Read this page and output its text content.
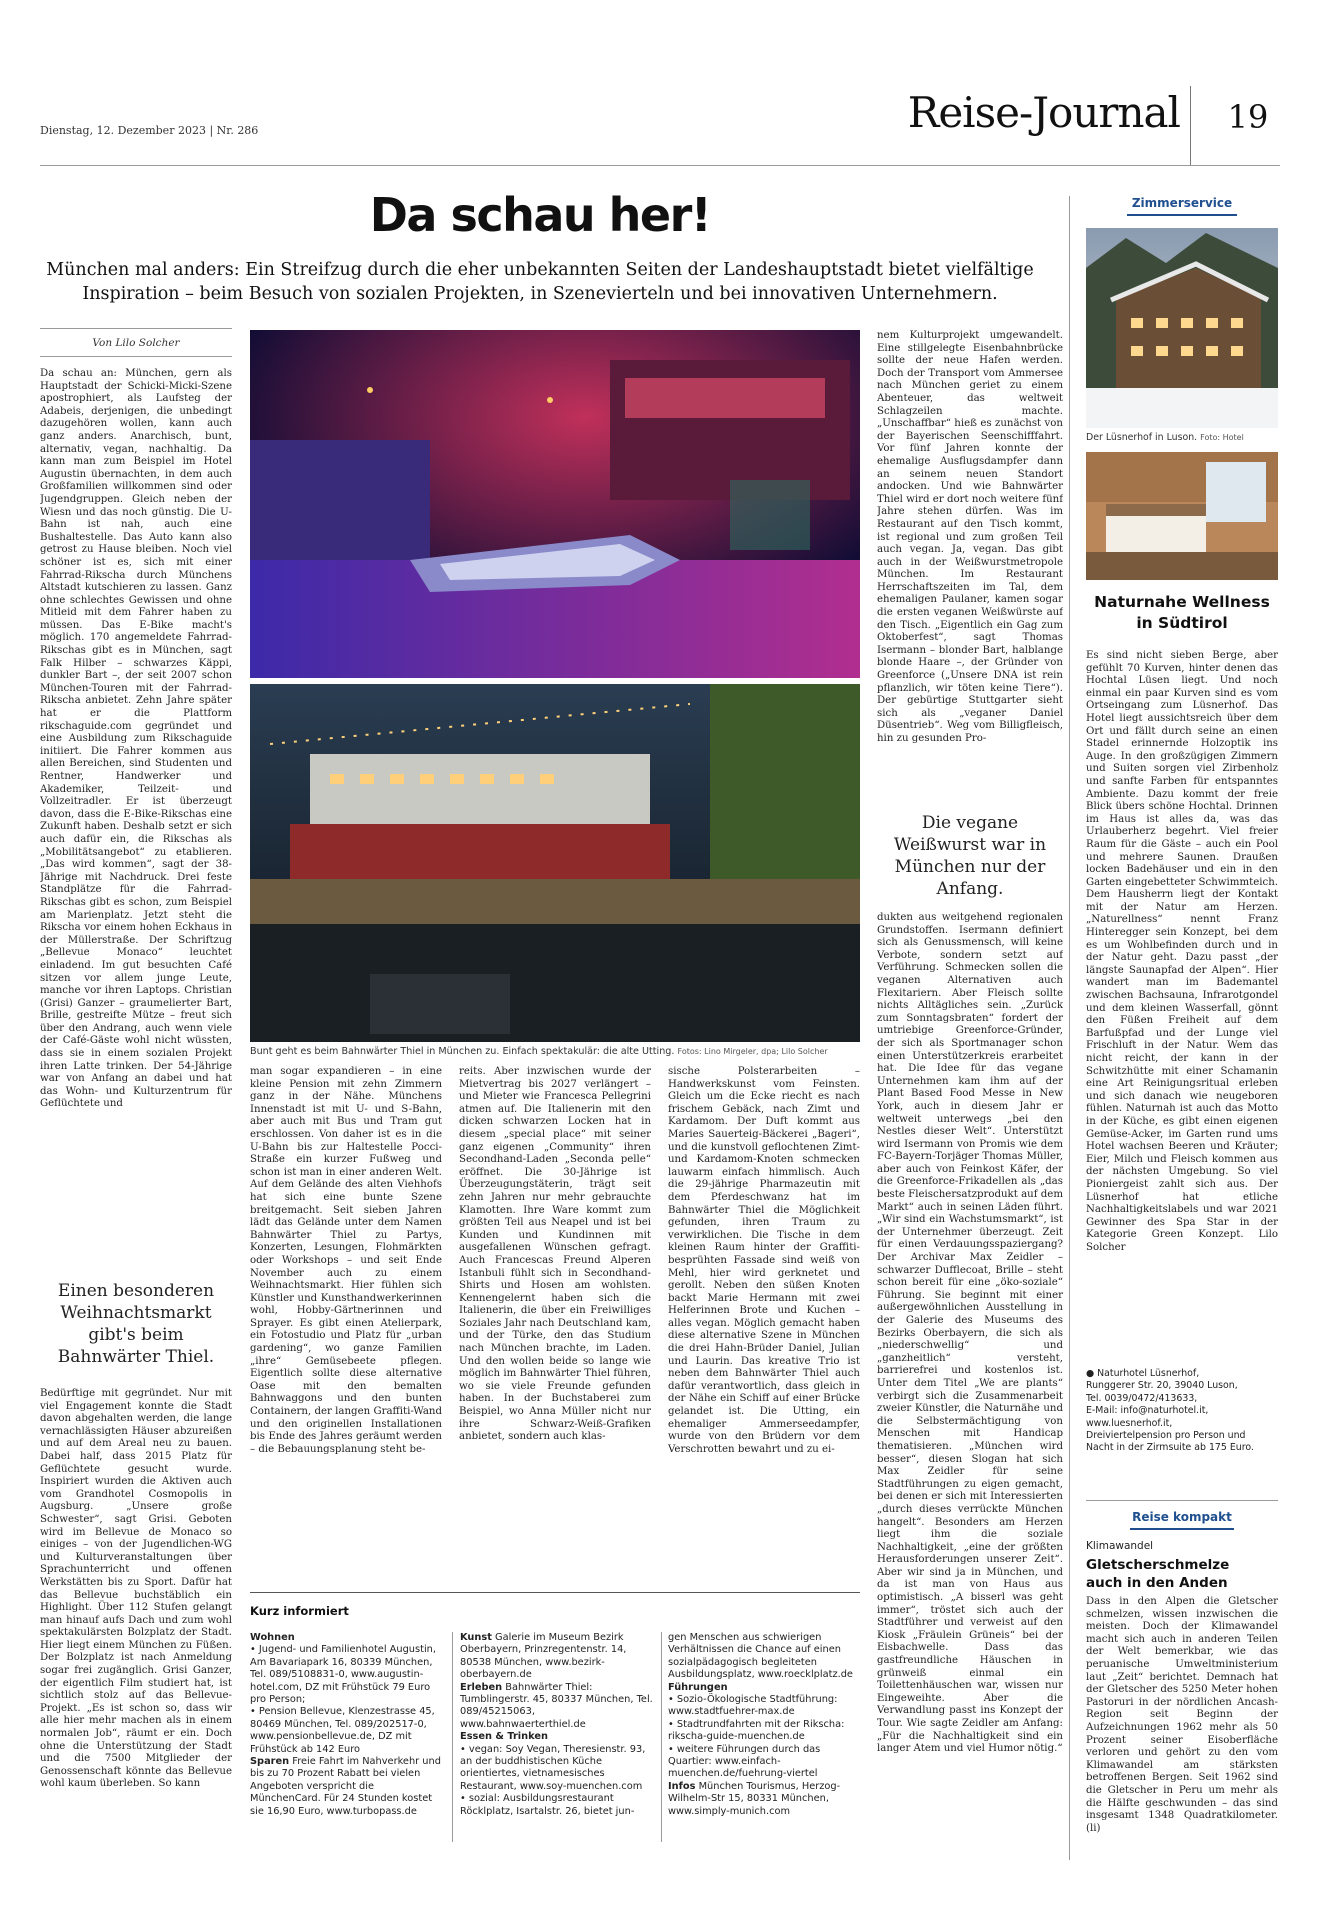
Dienstag, 12. Dezember 2023 | Nr. 286	Reise-Journal	19
Da schau her!
München mal anders: Ein Streifzug durch die eher unbekannten Seiten der Landeshauptstadt bietet vielfältige
Inspiration – beim Besuch von sozialen Projekten, in Szenevierteln und bei innovativen Unternehmern.
Von Lilo Solcher
Da schau an: München, gern als Hauptstadt der Schicki-Micki-Szene apostrophiert, als Laufsteg der Adabeis, derjenigen, die unbedingt dazugehören wollen, kann auch ganz anders. Anarchisch, bunt, alternativ, vegan, nachhaltig. Da kann man zum Beispiel im Hotel Augustin übernachten, in dem auch Großfamilien willkommen sind oder Jugendgruppen. Gleich neben der Wiesn und das noch günstig. Die U-Bahn ist nah, auch eine Bushaltestelle. Das Auto kann also getrost zu Hause bleiben. Noch viel schöner ist es, sich mit einer Fahrrad-Rikscha durch Münchens Altstadt kutschieren zu lassen. Ganz ohne schlechtes Gewissen und ohne Mitleid mit dem Fahrer haben zu müssen. Das E-Bike macht's möglich. 170 angemeldete Fahrrad-Rikschas gibt es in München, sagt Falk Hilber – schwarzes Käppi, dunkler Bart –, der seit 2007 schon München-Touren mit der Fahrrad-Rikscha anbietet. Zehn Jahre später hat er die Plattform rikschaguide.com gegründet und eine Ausbildung zum Rikschaguide initiiert. Die Fahrer kommen aus allen Bereichen, sind Studenten und Rentner, Handwerker und Akademiker, Teilzeit- und Vollzeitradler. Er ist überzeugt davon, dass die E-Bike-Rikschas eine Zukunft haben. Deshalb setzt er sich auch dafür ein, die Rikschas als „Mobilitätsangebot“ zu etablieren. „Das wird kommen“, sagt der 38-Jährige mit Nachdruck. Drei feste Standplätze für die Fahrrad-Rikschas gibt es schon, zum Beispiel am Marienplatz. Jetzt steht die Rikscha vor einem hohen Eckhaus in der Müllerstraße. Der Schriftzug „Bellevue Monaco“ leuchtet einladend. Im gut besuchten Café sitzen vor allem junge Leute, manche vor ihren Laptops. Christian (Grisi) Ganzer – graumelierter Bart, Brille, gestreifte Mütze – freut sich über den Andrang, auch wenn viele der Café-Gäste wohl nicht wüssten, dass sie in einem sozialen Projekt ihren Latte trinken. Der 54-Jährige war von Anfang an dabei und hat das Wohn- und Kulturzentrum für Geflüchtete und
Einen besonderen Weihnachtsmarkt gibt's beim Bahnwärter Thiel.
Bedürftige mit gegründet. Nur mit viel Engagement konnte die Stadt davon abgehalten werden, die lange vernachlässigten Häuser abzureißen und auf dem Areal neu zu bauen. Dabei half, dass 2015 Platz für Geflüchtete gesucht wurde. Inspiriert wurden die Aktiven auch vom Grandhotel Cosmopolis in Augsburg. „Unsere große Schwester“, sagt Grisi. Geboten wird im Bellevue de Monaco so einiges – von der Jugendlichen-WG und Kulturveranstaltungen über Sprachunterricht und offenen Werkstätten bis zu Sport. Dafür hat das Bellevue buchstäblich ein Highlight. Über 112 Stufen gelangt man hinauf aufs Dach und zum wohl spektakulärsten Bolzplatz der Stadt. Hier liegt einem München zu Füßen. Der Bolzplatz ist nach Anmeldung sogar frei zugänglich. Grisi Ganzer, der eigentlich Film studiert hat, ist sichtlich stolz auf das Bellevue-Projekt. „Es ist schon so, dass wir alle hier mehr machen als in einem normalen Job“, räumt er ein. Doch ohne die Unterstützung der Stadt und die 7500 Mitglieder der Genossenschaft könnte das Bellevue wohl kaum überleben. So kann
Bunt geht es beim Bahnwärter Thiel in München zu. Einfach spektakulär: die alte Utting. Fotos: Lino Mirgeler, dpa; Lilo Solcher
man sogar expandieren – in eine kleine Pension mit zehn Zimmern ganz in der Nähe. Münchens Innenstadt ist mit U- und S-Bahn, aber auch mit Bus und Tram gut erschlossen. Von daher ist es in die U-Bahn bis zur Haltestelle Pocci-Straße ein kurzer Fußweg und schon ist man in einer anderen Welt. Auf dem Gelände des alten Viehhofs hat sich eine bunte Szene breitgemacht. Seit sieben Jahren lädt das Gelände unter dem Namen Bahnwärter Thiel zu Partys, Konzerten, Lesungen, Flohmärkten oder Workshops – und seit Ende November auch zu einem Weihnachtsmarkt. Hier fühlen sich Künstler und Kunsthandwerkerinnen wohl, Hobby-Gärtnerinnen und Sprayer. Es gibt einen Atelierpark, ein Fotostudio und Platz für „urban gardening“, wo ganze Familien „ihre“ Gemüsebeete pflegen. Eigentlich sollte diese alternative Oase mit den bemalten Bahnwaggons und den bunten Containern, der langen Graffiti-Wand und den originellen Installationen bis Ende des Jahres geräumt werden – die Bebauungsplanung steht be-
reits. Aber inzwischen wurde der Mietvertrag bis 2027 verlängert – und Mieter wie Francesca Pellegrini atmen auf. Die Italienerin mit den dicken schwarzen Locken hat in diesem „special place“ mit seiner ganz eigenen „Community“ ihren Secondhand-Laden „Seconda pelle“ eröffnet. Die 30-Jährige ist Überzeugungstäterin, trägt seit zehn Jahren nur mehr gebrauchte Klamotten. Ihre Ware kommt zum größten Teil aus Neapel und ist bei Kunden und Kundinnen mit ausgefallenen Wünschen gefragt. Auch Francescas Freund Alperen Istanbuli fühlt sich in Secondhand-Shirts und Hosen am wohlsten. Kennengelernt haben sich die Italienerin, die über ein Freiwilliges Soziales Jahr nach Deutschland kam, und der Türke, den das Studium nach München brachte, im Laden. Und den wollen beide so lange wie möglich im Bahnwärter Thiel führen, wo sie viele Freunde gefunden haben. In der Buchstaberei zum Beispiel, wo Anna Müller nicht nur ihre Schwarz-Weiß-Grafiken anbietet, sondern auch klas-
sische Polsterarbeiten – Handwerkskunst vom Feinsten. Gleich um die Ecke riecht es nach frischem Gebäck, nach Zimt und Kardamom. Der Duft kommt aus Maries Sauerteig-Bäckerei „Bageri“, und die kunstvoll geflochtenen Zimt- und Kardamom-Knoten schmecken lauwarm einfach himmlisch. Auch die 29-jährige Pharmazeutin mit dem Pferdeschwanz hat im Bahnwärter Thiel die Möglichkeit gefunden, ihren Traum zu verwirklichen. Die Tische in dem kleinen Raum hinter der Graffiti-besprühten Fassade sind weiß von Mehl, hier wird gerknetet und gerollt. Neben den süßen Knoten backt Marie Hermann mit zwei Helferinnen Brote und Kuchen – alles vegan. Möglich gemacht haben diese alternative Szene in München die drei Hahn-Brüder Daniel, Julian und Laurin. Das kreative Trio ist neben dem Bahnwärter Thiel auch dafür verantwortlich, dass gleich in der Nähe ein Schiff auf einer Brücke gelandet ist. Die Utting, ein ehemaliger Ammerseedampfer, wurde von den Brüdern vor dem Verschrotten bewahrt und zu ei-
nem Kulturprojekt umgewandelt. Eine stillgelegte Eisenbahnbrücke sollte der neue Hafen werden. Doch der Transport vom Ammersee nach München geriet zu einem Abenteuer, das weltweit Schlagzeilen machte. „Unschaffbar“ hieß es zunächst von der Bayerischen Seenschifffahrt. Vor fünf Jahren konnte der ehemalige Ausflugsdampfer dann an seinem neuen Standort andocken. Und wie Bahnwärter Thiel wird er dort noch weitere fünf Jahre stehen dürfen. Was im Restaurant auf den Tisch kommt, ist regional und zum großen Teil auch vegan. Ja, vegan. Das gibt auch in der Weißwurstmetropole München. Im Restaurant Herrschaftszeiten im Tal, dem ehemaligen Paulaner, kamen sogar die ersten veganen Weißwürste auf den Tisch. „Eigentlich ein Gag zum Oktoberfest“, sagt Thomas Isermann – blonder Bart, halblange blonde Haare –, der Gründer von Greenforce („Unsere DNA ist rein pflanzlich, wir töten keine Tiere“). Der gebürtige Stuttgarter sieht sich als „veganer Daniel Düsentrieb“. Weg vom Billigfleisch, hin zu gesunden Pro-
Die vegane Weißwurst war in München nur der Anfang.
dukten aus weitgehend regionalen Grundstoffen. Isermann definiert sich als Genussmensch, will keine Verbote, sondern setzt auf Verführung. Schmecken sollen die veganen Alternativen auch Flexitariern. Aber Fleisch sollte nichts Alltägliches sein. „Zurück zum Sonntagsbraten“ fordert der umtriebige Greenforce-Gründer, der sich als Sportmanager schon einen Unterstützerkreis erarbeitet hat. Die Idee für das vegane Unternehmen kam ihm auf der Plant Based Food Messe in New York, auch in diesem Jahr er weltweit unterwegs „bei den Nestles dieser Welt“. Unterstützt wird Isermann von Promis wie dem FC-Bayern-Torjäger Thomas Müller, aber auch von Feinkost Käfer, der die Greenforce-Frikadellen als „das beste Fleischersatzprodukt auf dem Markt“ auch in seinen Läden führt. „Wir sind ein Wachstumsmarkt“, ist der Unternehmer überzeugt. Zeit für einen Verdauungsspaziergang? Der Archivar Max Zeidler – schwarzer Dufflecoat, Brille – steht schon bereit für eine „öko-soziale“ Führung. Sie beginnt mit einer außergewöhnlichen Ausstellung in der Galerie des Museums des Bezirks Oberbayern, die sich als „niederschwellig“ und „ganzheitlich“ versteht, barrierefrei und kostenlos ist. Unter dem Titel „We are plants“ verbirgt sich die Zusammenarbeit zweier Künstler, die Naturnähe und die Selbstermächtigung von Menschen mit Handicap thematisieren. „München wird besser“, diesen Slogan hat sich Max Zeidler für seine Stadtführungen zu eigen gemacht, bei denen er sich mit Interessierten „durch dieses verrückte München hangelt“. Besonders am Herzen liegt ihm die soziale Nachhaltigkeit, „eine der größten Herausforderungen unserer Zeit“. Aber wir sind ja in München, und da ist man von Haus aus optimistisch. „A bisserl was geht immer“, tröstet sich auch der Stadtführer und verweist auf den Kiosk „Fräulein Grüneis“ bei der Eisbachwelle. Dass das gastfreundliche Häuschen in grünweiß einmal ein Toilettenhäuschen war, wissen nur Eingeweihte. Aber die Verwandlung passt ins Konzept der Tour. Wie sagte Zeidler am Anfang: „Für die Nachhaltigkeit sind ein langer Atem und viel Humor nötig.“
Kurz informiert
Wohnen
• Jugend- und Familienhotel Augustin, Am Bavariapark 16, 80339 München, Tel. 089/5108831-0, www.augustin-hotel.com, DZ mit Frühstück 79 Euro pro Person;
• Pension Bellevue, Klenzestrasse 45, 80469 München, Tel. 089/202517-0, www.pensionbellevue.de, DZ mit Frühstück ab 142 Euro
Sparen Freie Fahrt im Nahverkehr und bis zu 70 Prozent Rabatt bei vielen Angeboten verspricht die MünchenCard. Für 24 Stunden kostet sie 16,90 Euro, www.turbopass.de
Kunst Galerie im Museum Bezirk Oberbayern, Prinzregentenstr. 14, 80538 München, www.bezirk-oberbayern.de
Erleben Bahnwärter Thiel: Tumblingerstr. 45, 80337 München, Tel. 089/45215063, www.bahnwaerterthiel.de
Essen & Trinken
• vegan: Soy Vegan, Theresienstr. 93, an der buddhistischen Küche orientiertes, vietnamesisches Restaurant, www.soy-muenchen.com
• sozial: Ausbildungsrestaurant Röcklplatz, Isartalstr. 26, bietet jun-
gen Menschen aus schwierigen Verhältnissen die Chance auf einen sozialpädagogisch begleiteten Ausbildungsplatz, www.roecklplatz.de
Führungen
• Sozio-Ökologische Stadtführung: www.stadtfuehrer-max.de
• Stadtrundfahrten mit der Rikscha: rikscha-guide-muenchen.de
• weitere Führungen durch das Quartier: www.einfach-muenchen.de/fuehrung-viertel
Infos München Tourismus, Herzog-Wilhelm-Str 15, 80331 München, www.simply-munich.com
Zimmerservice
Der Lüsnerhof in Luson. Foto: Hotel
Naturnahe Wellness
in Südtirol
Es sind nicht sieben Berge, aber gefühlt 70 Kurven, hinter denen das Hochtal Lüsen liegt. Und noch einmal ein paar Kurven sind es vom Ortseingang zum Lüsnerhof. Das Hotel liegt aussichtsreich über dem Ort und fällt durch seine an einen Stadel erinnernde Holzoptik ins Auge. In den großzügigen Zimmern und Suiten sorgen viel Zirbenholz und sanfte Farben für entspanntes Ambiente. Dazu kommt der freie Blick übers schöne Hochtal. Drinnen im Haus ist alles da, was das Urlauberherz begehrt. Viel freier Raum für die Gäste – auch ein Pool und mehrere Saunen. Draußen locken Badehäuser und ein in den Garten eingebetteter Schwimmteich. Dem Hausherrn liegt der Kontakt mit der Natur am Herzen. „Naturellness“ nennt Franz Hinteregger sein Konzept, bei dem es um Wohlbefinden durch und in der Natur geht. Dazu passt „der längste Saunapfad der Alpen“. Hier wandert man im Bademantel zwischen Bachsauna, Infrarotgondel und dem kleinen Wasserfall, gönnt den Füßen Freiheit auf dem Barfußpfad und der Lunge viel Frischluft in der Natur. Wem das nicht reicht, der kann in der Schwitzhütte mit einer Schamanin eine Art Reinigungsritual erleben und sich danach wie neugeboren fühlen. Naturnah ist auch das Motto in der Küche, es gibt einen eigenen Gemüse-Acker, im Garten rund ums Hotel wachsen Beeren und Kräuter; Eier, Milch und Fleisch kommen aus der nächsten Umgebung. So viel Pioniergeist zahlt sich aus. Der Lüsnerhof hat etliche Nachhaltigkeitslabels und war 2021 Gewinner des Spa Star in der Kategorie Green Konzept. Lilo Solcher
● Naturhotel Lüsnerhof,
Runggerer Str. 20, 39040 Luson,
Tel. 0039/0472/413633,
E-Mail: info@naturhotel.it,
www.luesnerhof.it,
Dreiviertelpension pro Person und
Nacht in der Zirmsuite ab 175 Euro.
Reise kompakt
Klimawandel
Gletscherschmelze
auch in den Anden
Dass in den Alpen die Gletscher schmelzen, wissen inzwischen die meisten. Doch der Klimawandel macht sich auch in anderen Teilen der Welt bemerkbar, wie das peruanische Umweltministerium laut „Zeit“ berichtet. Demnach hat der Gletscher des 5250 Meter hohen Pastoruri in der nördlichen Ancash-Region seit Beginn der Aufzeichnungen 1962 mehr als 50 Prozent seiner Eisoberfläche verloren und gehört zu den vom Klimawandel am stärksten betroffenen Bergen. Seit 1962 sind die Gletscher in Peru um mehr als die Hälfte geschwunden – das sind insgesamt 1348 Quadratkilometer. (li)
